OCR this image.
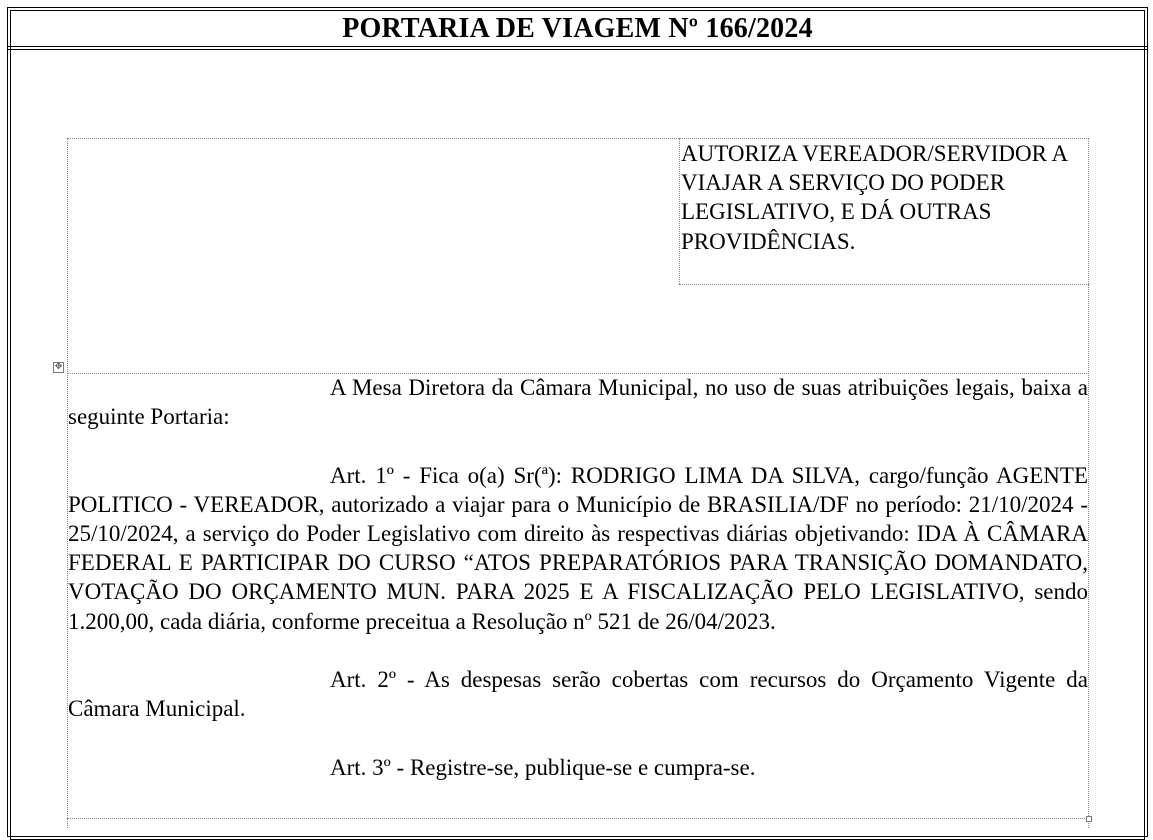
PORTARIA DE VIAGEM Nº 166/2024
✥

AUTORIZA VEREADOR/SERVIDOR A VIAJAR A SERVIÇO DO PODER LEGISLATIVO, E DÁ OUTRAS PROVIDÊNCIAS.

A Mesa Diretora da Câmara Municipal, no uso de suas atribuições legais, baixa a seguinte Portaria:

Art. 1º - Fica o(a) Sr(ª): RODRIGO LIMA DA SILVA, cargo/função AGENTE POLITICO - VEREADOR, autorizado a viajar para o Município de BRASILIA/DF no período: 21/10/2024 - 25/10/2024, a serviço do Poder Legislativo com direito às respectivas diárias objetivando: IDA À CÂMARA FEDERAL E PARTICIPAR DO CURSO “ATOS PREPARATÓRIOS PARA TRANSIÇÃO DOMANDATO, VOTAÇÃO DO ORÇAMENTO MUN. PARA 2025 E A FISCALIZAÇÃO PELO LEGISLATIVO, sendo 1.200,00, cada diária, conforme preceitua a Resolução nº 521 de 26/04/2023.

Art. 2º - As despesas serão cobertas com recursos do Orçamento Vigente da Câmara Municipal.

Art. 3º - Registre-se, publique-se e cumpra-se.
